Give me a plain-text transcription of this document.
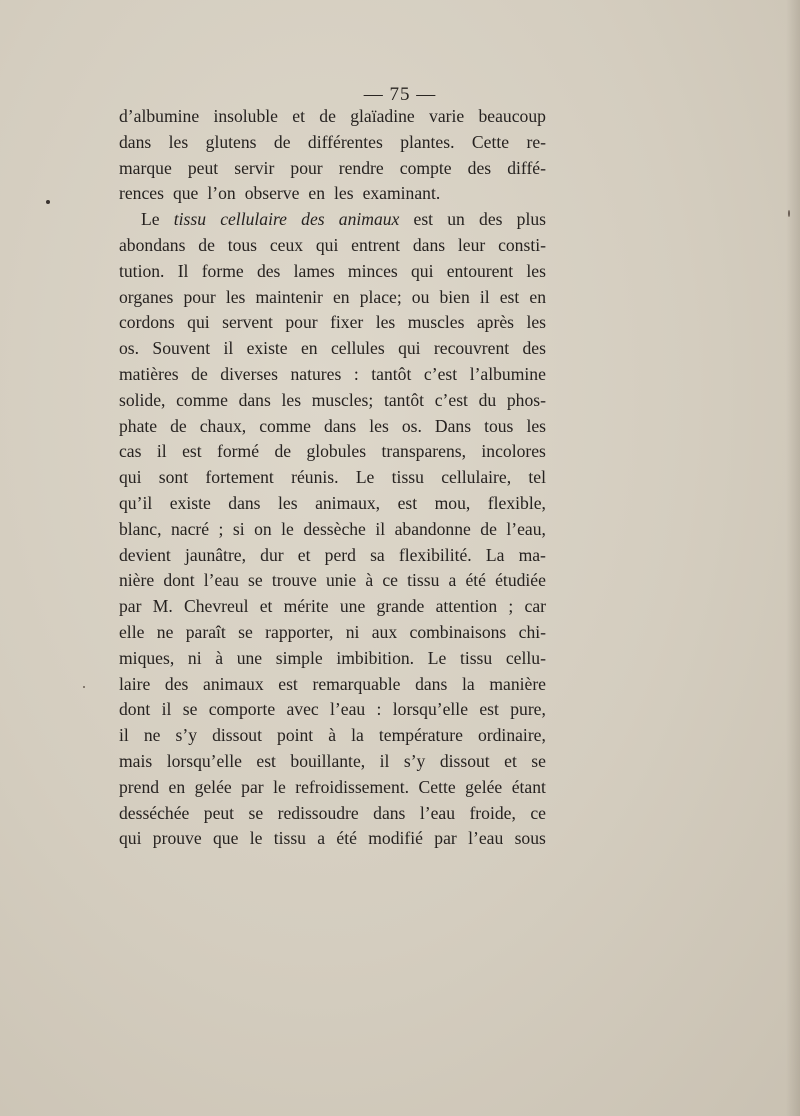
— 75 —
d’albumine insoluble et de glaïadine varie beaucoup
dans les glutens de différentes plantes. Cette re-
marque peut servir pour rendre compte des diffé-
rences que l’on observe en les examinant.
Le tissu cellulaire des animaux est un des plus
abondans de tous ceux qui entrent dans leur consti-
tution. Il forme des lames minces qui entourent les
organes pour les maintenir en place; ou bien il est en
cordons qui servent pour fixer les muscles après les
os. Souvent il existe en cellules qui recouvrent des
matières de diverses natures : tantôt c’est l’albumine
solide, comme dans les muscles; tantôt c’est du phos-
phate de chaux, comme dans les os. Dans tous les
cas il est formé de globules transparens, incolores
qui sont fortement réunis. Le tissu cellulaire, tel
qu’il existe dans les animaux, est mou, flexible,
blanc, nacré ; si on le dessèche il abandonne de l’eau,
devient jaunâtre, dur et perd sa flexibilité. La ma-
nière dont l’eau se trouve unie à ce tissu a été étudiée
par M. Chevreul et mérite une grande attention ; car
elle ne paraît se rapporter, ni aux combinaisons chi-
miques, ni à une simple imbibition. Le tissu cellu-
laire des animaux est remarquable dans la manière
dont il se comporte avec l’eau : lorsqu’elle est pure,
il ne s’y dissout point à la température ordinaire,
mais lorsqu’elle est bouillante, il s’y dissout et se
prend en gelée par le refroidissement. Cette gelée étant
desséchée peut se redissoudre dans l’eau froide, ce
qui prouve que le tissu a été modifié par l’eau sous
